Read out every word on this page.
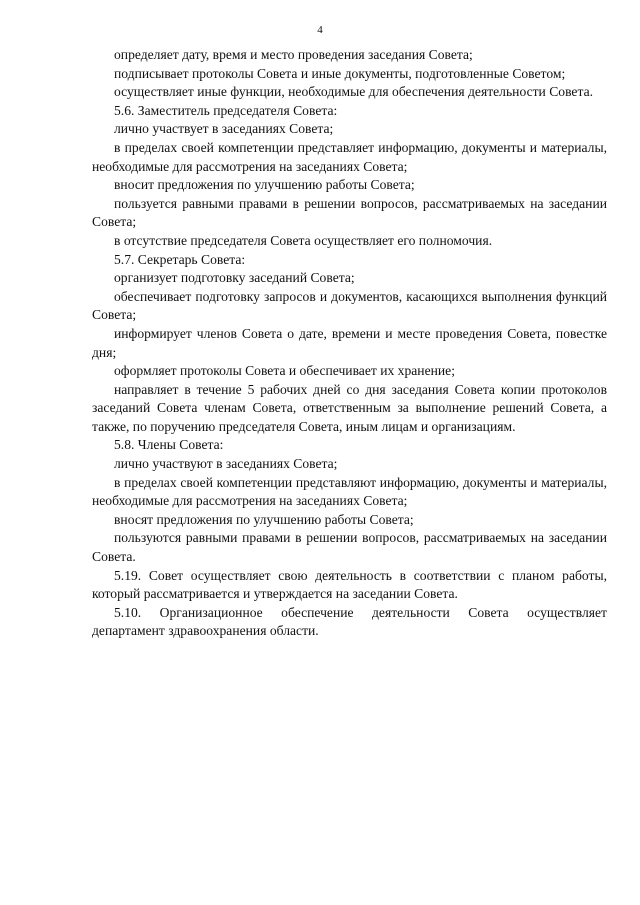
4

определяет дату, время и место проведения заседания Совета;

подписывает протоколы Совета и иные документы, подготовленные Советом;

осуществляет иные функции, необходимые для обеспечения деятельности Совета.

5.6. Заместитель председателя Совета:

лично участвует в заседаниях Совета;

в пределах своей компетенции представляет информацию, документы и материалы, необходимые для рассмотрения на заседаниях Совета;

вносит предложения по улучшению работы Совета;

пользуется равными правами в решении вопросов, рассматриваемых на заседании Совета;

в отсутствие председателя Совета осуществляет его полномочия.

5.7. Секретарь Совета:

организует подготовку заседаний Совета;

обеспечивает подготовку запросов и документов, касающихся выполнения функций Совета;

информирует членов Совета о дате, времени и месте проведения Совета, повестке дня;

оформляет протоколы Совета и обеспечивает их хранение;

направляет в течение 5 рабочих дней со дня заседания Совета копии протоколов заседаний Совета членам Совета, ответственным за выполнение решений Совета, а также, по поручению председателя Совета, иным лицам и организациям.

5.8. Члены Совета:

лично участвуют в заседаниях Совета;

в пределах своей компетенции представляют информацию, документы и материалы, необходимые для рассмотрения на заседаниях Совета;

вносят предложения по улучшению работы Совета;

пользуются равными правами в решении вопросов, рассматриваемых на заседании Совета.

5.19. Совет осуществляет свою деятельность в соответствии с планом работы, который рассматривается и утверждается на заседании Совета.

5.10. Организационное обеспечение деятельности Совета осуществляет департамент здравоохранения области.
